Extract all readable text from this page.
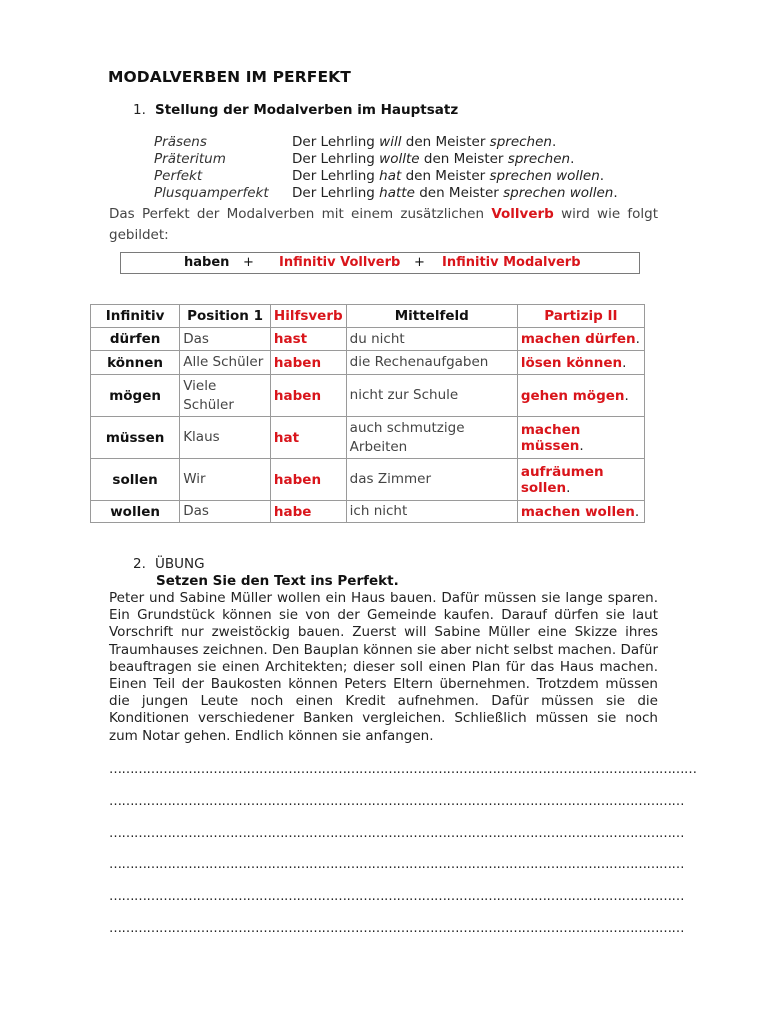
MODALVERBEN IM PERFEKT
1. Stellung der Modalverben im Hauptsatz
Präsens	Der Lehrling will den Meister sprechen.
Präteritum	Der Lehrling wollte den Meister sprechen.
Perfekt	Der Lehrling hat den Meister sprechen wollen.
Plusquamperfekt	Der Lehrling hatte den Meister sprechen wollen.
Das Perfekt der Modalverben mit einem zusätzlichen Vollverb wird wie folgt gebildet:
haben + Infinitiv Vollverb + Infinitiv Modalverb
Infinitiv	Position 1	Hilfsverb	Mittelfeld	Partizip II
dürfen	Das	hast	du nicht	machen dürfen.
können	Alle Schüler	haben	die Rechenaufgaben	lösen können.
mögen	Viele Schüler	haben	nicht zur Schule	gehen mögen.
müssen	Klaus	hat	auch schmutzige Arbeiten	machen müssen.
sollen	Wir	haben	das Zimmer	aufräumen sollen.
wollen	Das	habe	ich nicht	machen wollen.
2. ÜBUNG
Setzen Sie den Text ins Perfekt.
Peter und Sabine Müller wollen ein Haus bauen. Dafür müssen sie lange sparen. Ein Grundstück können sie von der Gemeinde kaufen. Darauf dürfen sie laut Vorschrift nur zweistöckig bauen. Zuerst will Sabine Müller eine Skizze ihres Traumhauses zeichnen. Den Bauplan können sie aber nicht selbst machen. Dafür beauftragen sie einen Architekten; dieser soll einen Plan für das Haus machen. Einen Teil der Baukosten können Peters Eltern übernehmen. Trotzdem müssen die jungen Leute noch einen Kredit aufnehmen. Dafür müssen sie die Konditionen verschiedener Banken vergleichen. Schließlich müssen sie noch zum Notar gehen. Endlich können sie anfangen.
……………………………………………………………………………………………………………………………
…………………………………………………………………………………………………………………………
…………………………………………………………………………………………………………………………
…………………………………………………………………………………………………………………………
…………………………………………………………………………………………………………………………
…………………………………………………………………………………………………………………………
